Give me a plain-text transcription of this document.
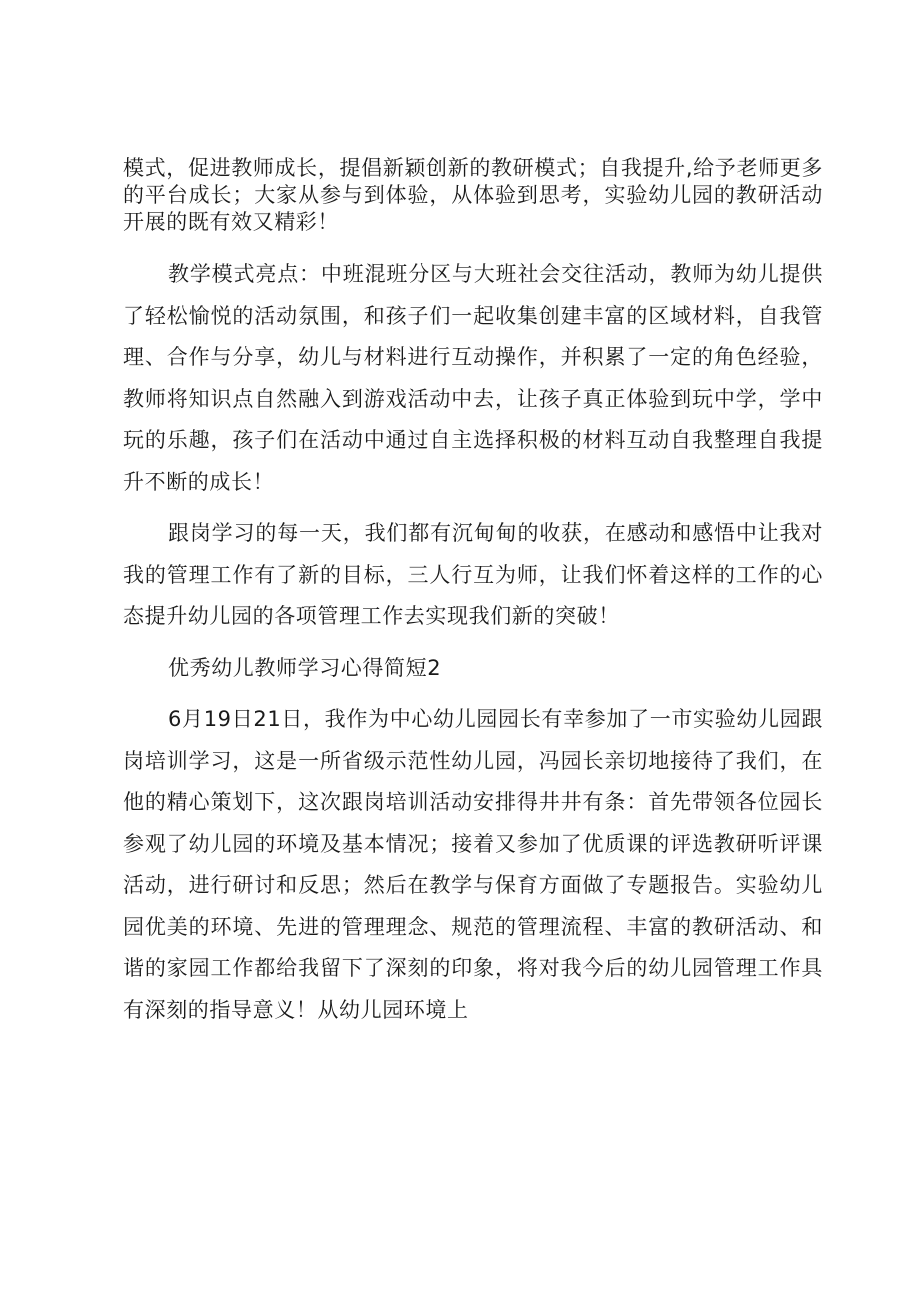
模式，促进教师成长，提倡新颖创新的教研模式；自我提升,给予老师更多的平台成长；大家从参与到体验，从体验到思考，实验幼儿园的教研活动开展的既有效又精彩！

教学模式亮点：中班混班分区与大班社会交往活动，教师为幼儿提供了轻松愉悦的活动氛围，和孩子们一起收集创建丰富的区域材料，自我管理、合作与分享，幼儿与材料进行互动操作，并积累了一定的角色经验，教师将知识点自然融入到游戏活动中去，让孩子真正体验到玩中学，学中玩的乐趣，孩子们在活动中通过自主选择积极的材料互动自我整理自我提升不断的成长！

跟岗学习的每一天，我们都有沉甸甸的收获，在感动和感悟中让我对我的管理工作有了新的目标，三人行互为师，让我们怀着这样的工作的心态提升幼儿园的各项管理工作去实现我们新的突破！

优秀幼儿教师学习心得简短2

6月19日21日，我作为中心幼儿园园长有幸参加了一市实验幼儿园跟岗培训学习，这是一所省级示范性幼儿园，冯园长亲切地接待了我们，在他的精心策划下，这次跟岗培训活动安排得井井有条：首先带领各位园长参观了幼儿园的环境及基本情况；接着又参加了优质课的评选教研听评课活动，进行研讨和反思；然后在教学与保育方面做了专题报告。实验幼儿园优美的环境、先进的管理理念、规范的管理流程、丰富的教研活动、和谐的家园工作都给我留下了深刻的印象，将对我今后的幼儿园管理工作具有深刻的指导意义！从幼儿园环境上
